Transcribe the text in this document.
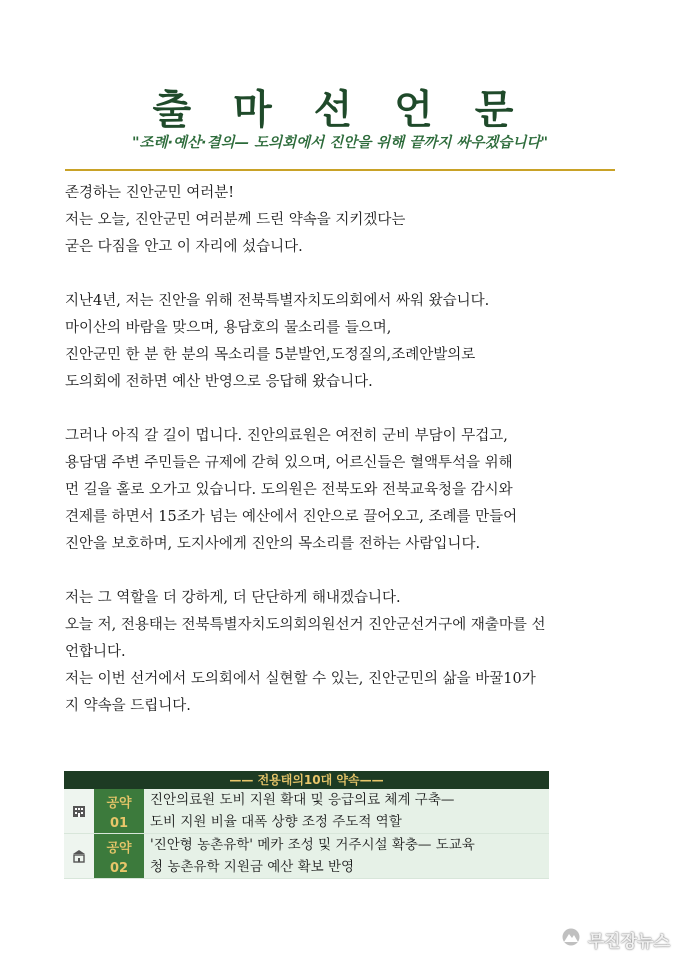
출 마 선 언 문
"조례·예산·결의— 도의회에서 진안을 위해 끝까지 싸우겠습니다"

존경하는 진안군민 여러분!
저는 오늘, 진안군민 여러분께 드린 약속을 지키겠다는
굳은 다짐을 안고 이 자리에 섰습니다.

지난4년, 저는 진안을 위해 전북특별자치도의회에서 싸워 왔습니다.
마이산의 바람을 맞으며, 용담호의 물소리를 들으며,
진안군민 한 분 한 분의 목소리를 5분발언,도정질의,조례안발의로
도의회에 전하면 예산 반영으로 응답해 왔습니다.

그러나 아직 갈 길이 멉니다. 진안의료원은 여전히 군비 부담이 무겁고,
용담댐 주변 주민들은 규제에 갇혀 있으며, 어르신들은 혈액투석을 위해
먼 길을 홀로 오가고 있습니다. 도의원은 전북도와 전북교육청을 감시와
견제를 하면서 15조가 넘는 예산에서 진안으로 끌어오고, 조례를 만들어
진안을 보호하며, 도지사에게 진안의 목소리를 전하는 사람입니다.

저는 그 역할을 더 강하게, 더 단단하게 해내겠습니다.
오늘 저, 전용태는 전북특별자치도의회의원선거 진안군선거구에 재출마를 선
언합니다.
저는 이번 선거에서 도의회에서 실현할 수 있는, 진안군민의 삶을 바꿀10가
지 약속을 드립니다.

—— 전용태의10대 약속——
공약
01
진안의료원 도비 지원 확대 및 응급의료 체계 구축—
도비 지원 비율 대폭 상향 조정 주도적 역할
공약
02
'진안형 농촌유학' 메카 조성 및 거주시설 확충— 도교육
청 농촌유학 지원금 예산 확보 반영
무진장뉴스
